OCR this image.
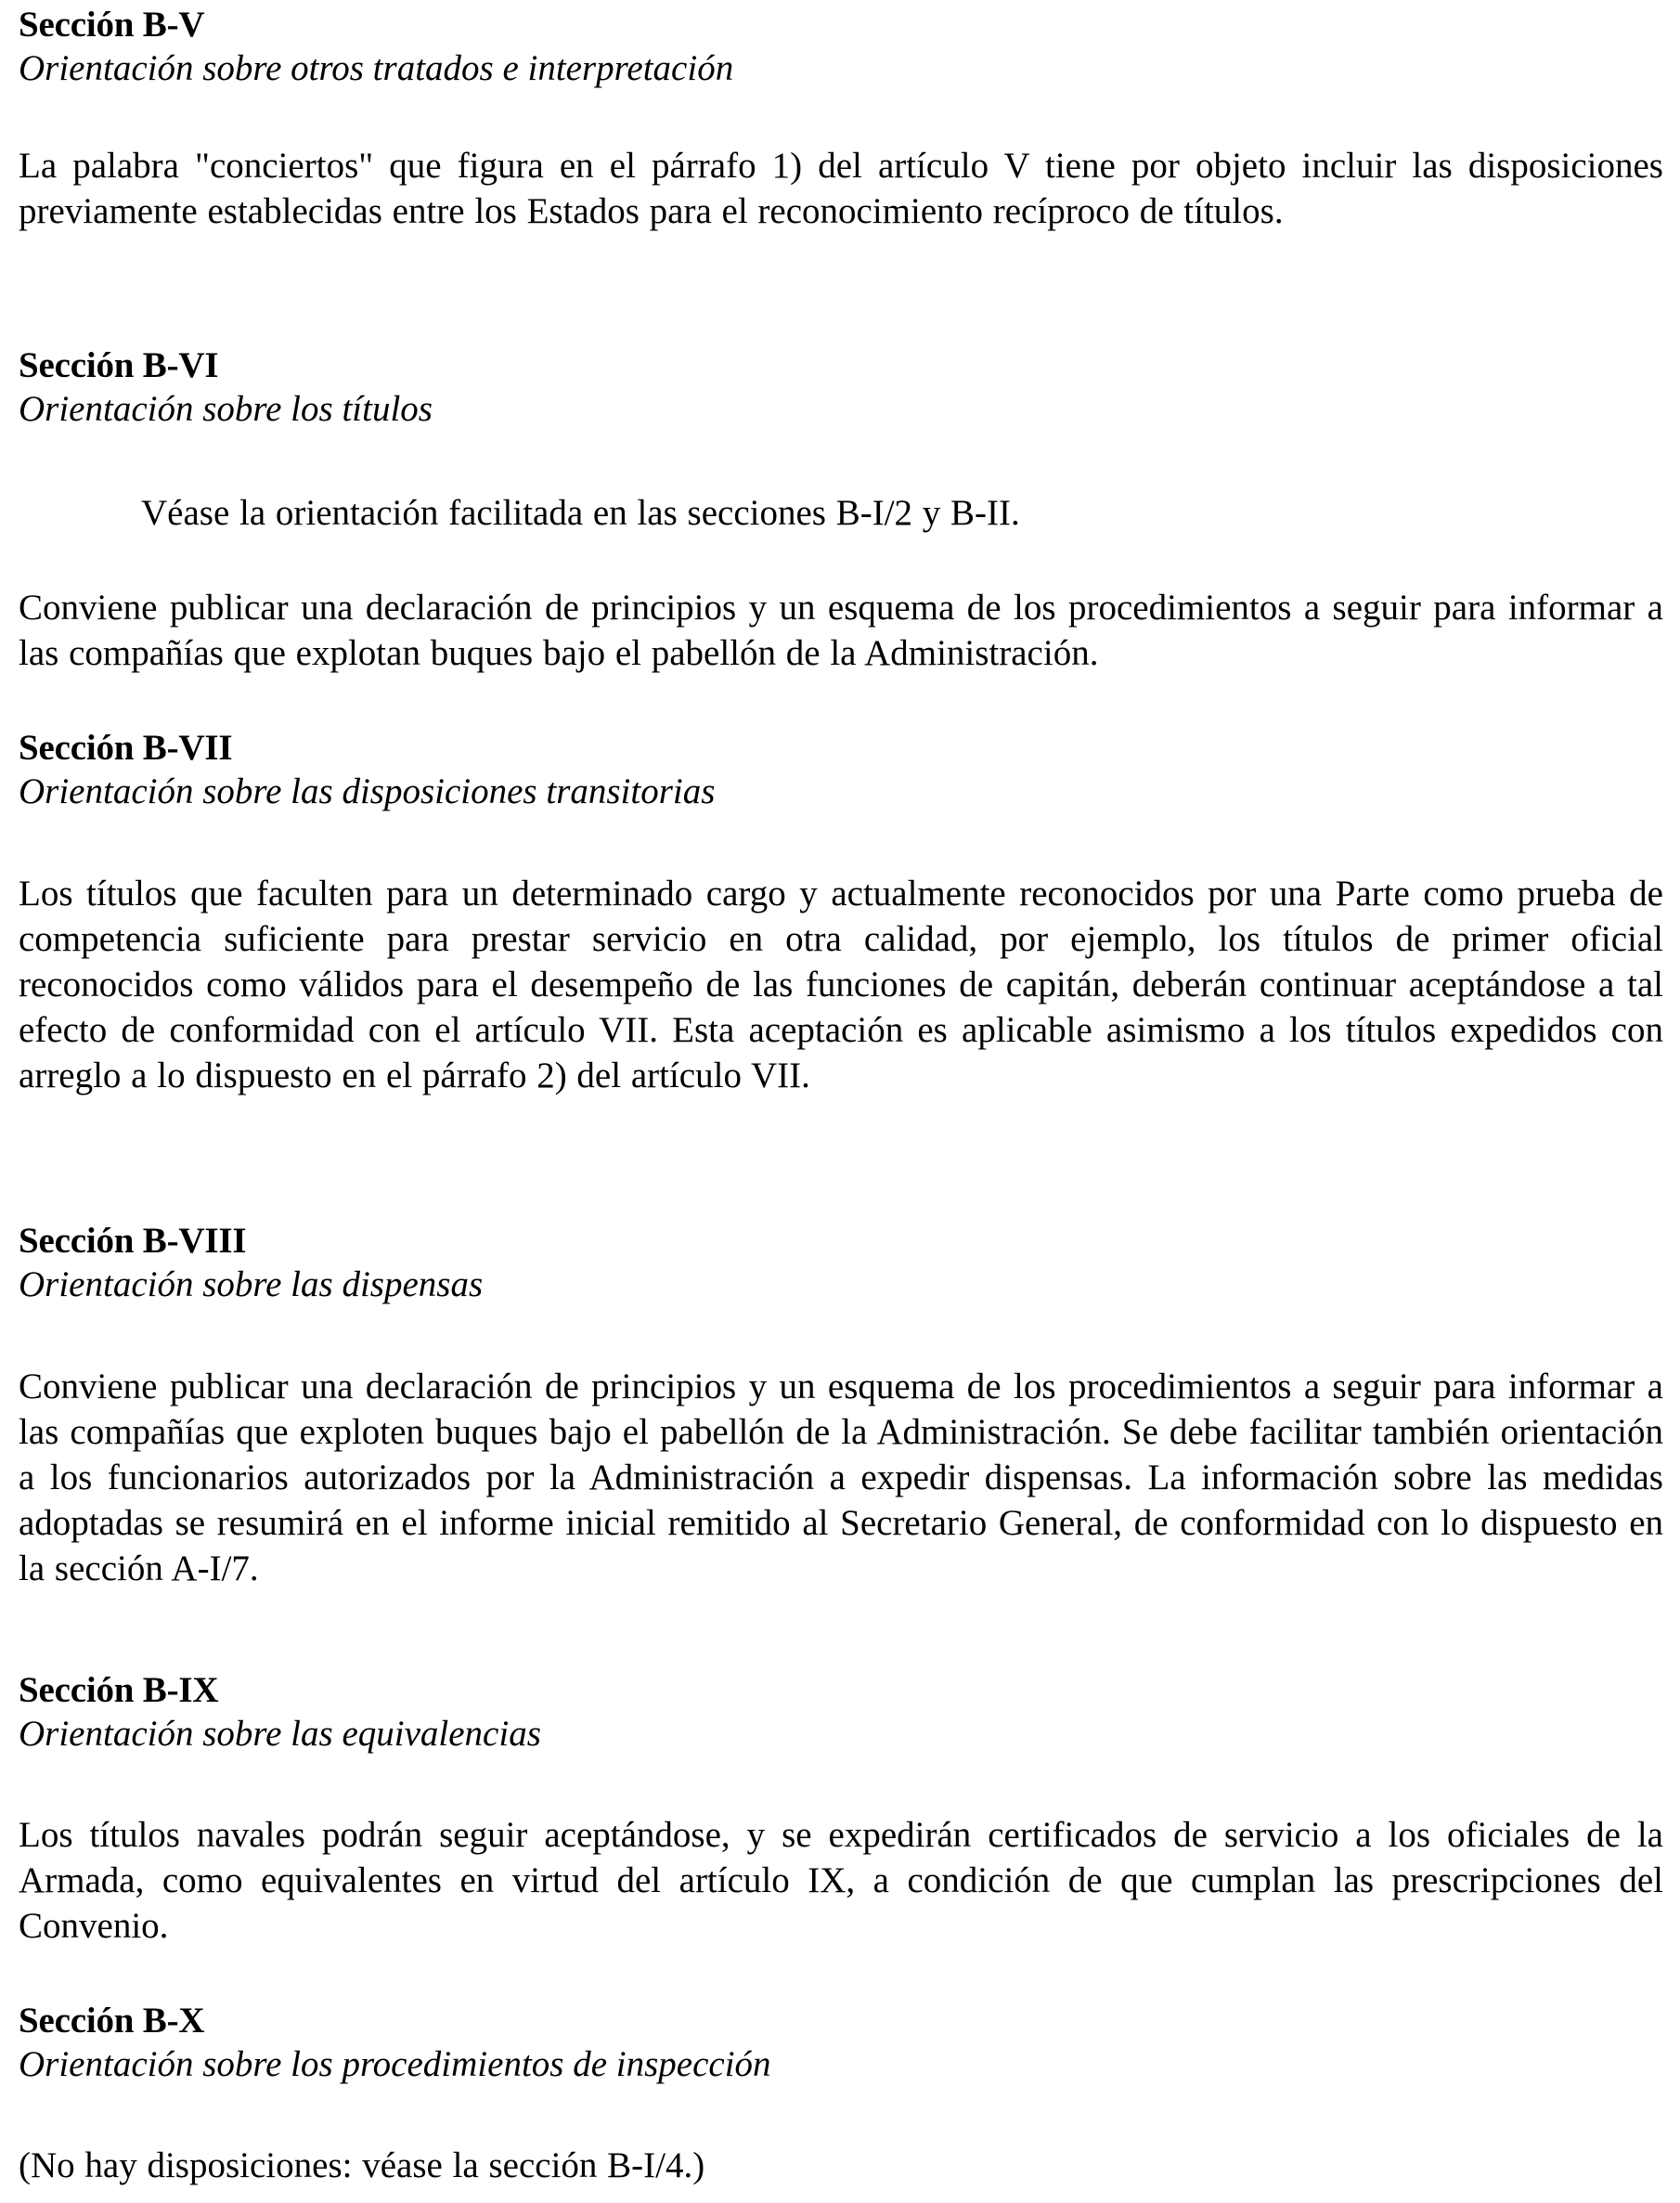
Sección B-V

Orientación sobre otros tratados e interpretación

La palabra "conciertos" que figura en el párrafo 1) del artículo V tiene por objeto incluir las disposiciones previamente establecidas entre los Estados para el reconocimiento recíproco de títulos.

Sección B-VI

Orientación sobre los títulos

Véase la orientación facilitada en las secciones B-I/2 y B-II.

Conviene publicar una declaración de principios y un esquema de los procedimientos a seguir para informar a las compañías que explotan buques bajo el pabellón de la Administración.

Sección B-VII

Orientación sobre las disposiciones transitorias

Los títulos que faculten para un determinado cargo y actualmente reconocidos por una Parte como prueba de competencia suficiente para prestar servicio en otra calidad, por ejemplo, los títulos de primer oficial reconocidos como válidos para el desempeño de las funciones de capitán, deberán continuar aceptándose a tal efecto de conformidad con el artículo VII. Esta aceptación es aplicable asimismo a los títulos expedidos con arreglo a lo dispuesto en el párrafo 2) del artículo VII.

Sección B-VIII

Orientación sobre las dispensas

Conviene publicar una declaración de principios y un esquema de los procedimientos a seguir para informar a las compañías que exploten buques bajo el pabellón de la Administración. Se debe facilitar también orientación a los funcionarios autorizados por la Administración a expedir dispensas. La información sobre las medidas adoptadas se resumirá en el informe inicial remitido al Secretario General, de conformidad con lo dispuesto en la sección A-I/7.

Sección B-IX

Orientación sobre las equivalencias

Los títulos navales podrán seguir aceptándose, y se expedirán certificados de servicio a los oficiales de la Armada, como equivalentes en virtud del artículo IX, a condición de que cumplan las prescripciones del Convenio.

Sección B-X

Orientación sobre los procedimientos de inspección

(No hay disposiciones: véase la sección B-I/4.)
